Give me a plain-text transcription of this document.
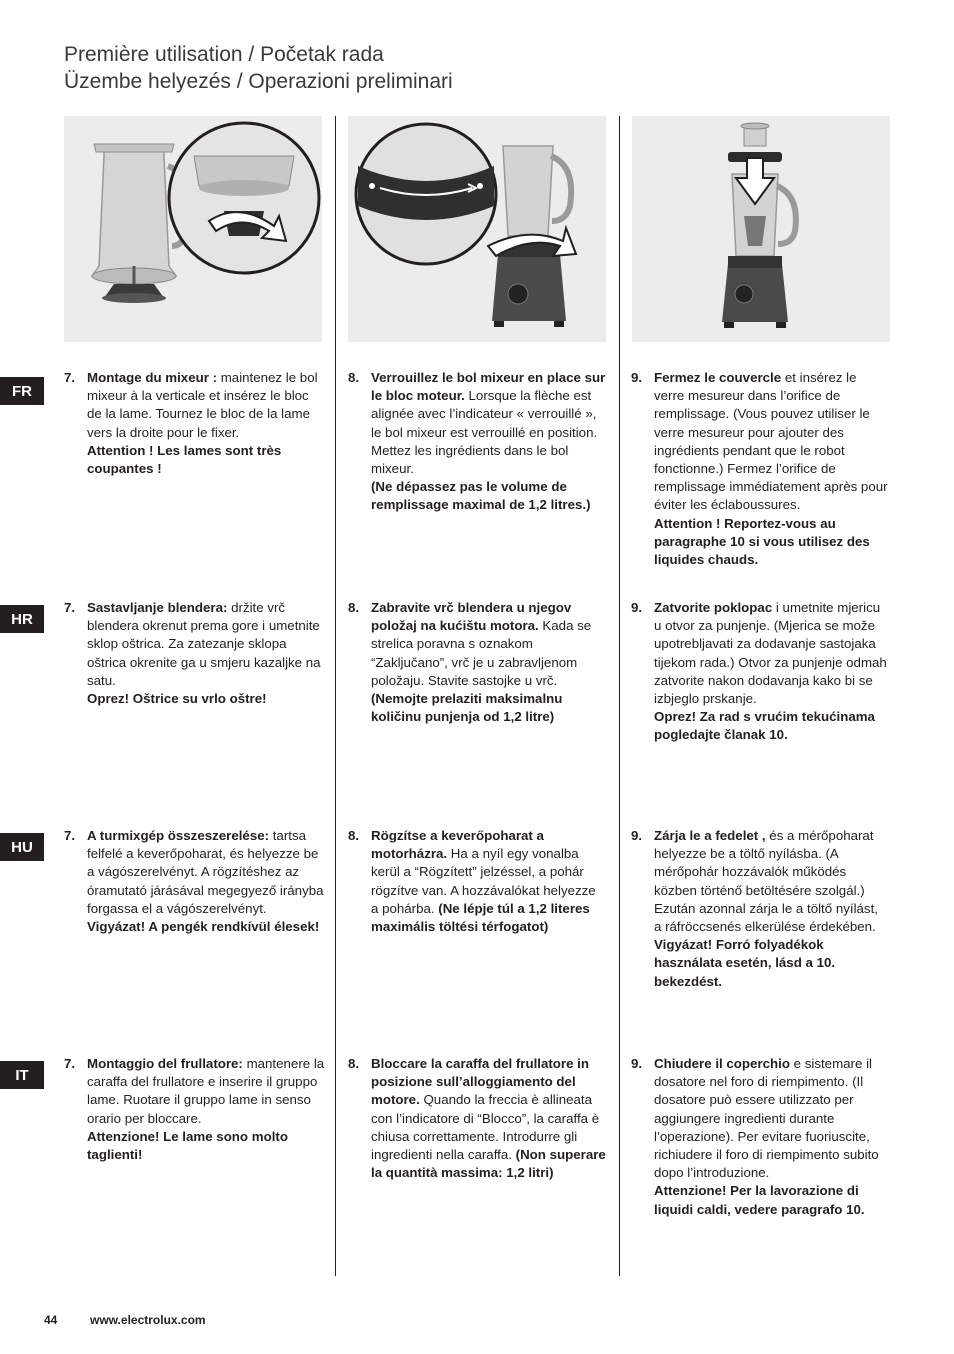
Première utilisation / Početak rada
Üzembe helyezés / Operazioni preliminari
FR
HR
HU
IT
7. Montage du mixeur : maintenez le bol mixeur à la verticale et insérez le bloc de la lame. Tournez le bloc de la lame vers la droite pour le fixer.
Attention ! Les lames sont très coupantes !
8. Verrouillez le bol mixeur en place sur le bloc moteur. Lorsque la flèche est alignée avec l’indicateur « verrouillé », le bol mixeur est verrouillé en position. Mettez les ingrédients dans le bol mixeur.
(Ne dépassez pas le volume de remplissage maximal de 1,2 litres.)
9. Fermez le couvercle et insérez le verre mesureur dans l’orifice de remplissage. (Vous pouvez utiliser le verre mesureur pour ajouter des ingrédients pendant que le robot fonctionne.) Fermez l’orifice de remplissage immédiatement après pour éviter les éclaboussures.
Attention ! Reportez-vous au paragraphe 10 si vous utilisez des liquides chauds.
7. Sastavljanje blendera: držite vrč blendera okrenut prema gore i umetnite sklop oštrica. Za zatezanje sklopa oštrica okrenite ga u smjeru kazaljke na satu.
Oprez! Oštrice su vrlo oštre!
8. Zabravite vrč blendera u njegov položaj na kućištu motora. Kada se strelica poravna s oznakom “Zaključano”, vrč je u zabravljenom položaju. Stavite sastojke u vrč.
(Nemojte prelaziti maksimalnu količinu punjenja od 1,2 litre)
9. Zatvorite poklopac i umetnite mjericu u otvor za punjenje. (Mjerica se može upotrebljavati za dodavanje sastojaka tijekom rada.) Otvor za punjenje odmah zatvorite nakon dodavanja kako bi se izbjeglo prskanje.
Oprez! Za rad s vrućim tekućinama pogledajte članak 10.
7. A turmixgép összeszerelése: tartsa felfelé a keverőpoharat, és helyezze be a vágószerelvényt. A rögzítéshez az óramutató járásával megegyező irányba forgassa el a vágószerelvényt.
Vigyázat! A pengék rendkívül élesek!
8. Rögzítse a keverőpoharat a motorházra. Ha a nyíl egy vonalba kerül a “Rögzített” jelzéssel, a pohár rögzítve van. A hozzávalókat helyezze a pohárba. (Ne lépje túl a 1,2 literes maximális töltési térfogatot)
9. Zárja le a fedelet , és a mérőpoharat helyezze be a töltő nyílásba. (A mérőpohár hozzávalók működés közben történő betöltésére szolgál.) Ezután azonnal zárja le a töltő nyílást, a ráfröccsenés elkerülése érdekében.
Vigyázat! Forró folyadékok használata esetén, lásd a 10. bekezdést.
7. Montaggio del frullatore: mantenere la caraffa del frullatore e inserire il gruppo lame. Ruotare il gruppo lame in senso orario per bloccare.
Attenzione! Le lame sono molto taglienti!
8. Bloccare la caraffa del frullatore in posizione sull’alloggiamento del motore. Quando la freccia è allineata con l’indicatore di “Blocco”, la caraffa è chiusa correttamente. Introdurre gli ingredienti nella caraffa. (Non superare la quantità massima: 1,2 litri)
9. Chiudere il coperchio e sistemare il dosatore nel foro di riempimento. (Il dosatore può essere utilizzato per aggiungere ingredienti durante l’operazione). Per evitare fuoriuscite, richiudere il foro di riempimento subito dopo l’introduzione.
Attenzione! Per la lavorazione di liquidi caldi, vedere paragrafo 10.
44	www.electrolux.com
